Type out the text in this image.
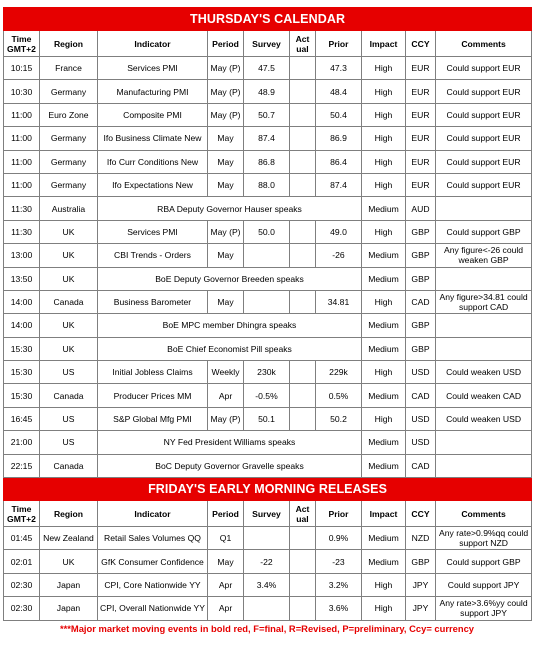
THURSDAY'S CALENDAR									
Time GMT+2	Region	Indicator	Period	Survey	Act ual	Prior	Impact	CCY	Comments
10:15	France	Services PMI	May (P)	47.5		47.3	High	EUR	Could support EUR
10:30	Germany	Manufacturing PMI	May (P)	48.9		48.4	High	EUR	Could support EUR
11:00	Euro Zone	Composite PMI	May (P)	50.7		50.4	High	EUR	Could support EUR
11:00	Germany	Ifo Business Climate New	May	87.4		86.9	High	EUR	Could support EUR
11:00	Germany	Ifo Curr Conditions New	May	86.8		86.4	High	EUR	Could support EUR
11:00	Germany	Ifo Expectations New	May	88.0		87.4	High	EUR	Could support EUR
11:30	Australia	RBA Deputy Governor Hauser speaks					Medium	AUD	
11:30	UK	Services PMI	May (P)	50.0		49.0	High	GBP	Could support GBP
13:00	UK	CBI Trends - Orders	May			-26	Medium	GBP	Any figure<-26 could weaken GBP
13:50	UK	BoE Deputy Governor Breeden speaks					Medium	GBP	
14:00	Canada	Business Barometer	May			34.81	High	CAD	Any figure>34.81 could support CAD
14:00	UK	BoE MPC member Dhingra speaks					Medium	GBP	
15:30	UK	BoE Chief Economist Pill speaks					Medium	GBP	
15:30	US	Initial Jobless Claims	Weekly	230k		229k	High	USD	Could weaken USD
15:30	Canada	Producer Prices MM	Apr	-0.5%		0.5%	Medium	CAD	Could weaken CAD
16:45	US	S&P Global Mfg PMI	May (P)	50.1		50.2	High	USD	Could weaken USD
21:00	US	NY Fed President Williams speaks					Medium	USD	
22:15	Canada	BoC Deputy Governor Gravelle speaks					Medium	CAD	
FRIDAY'S EARLY MORNING RELEASES									
Time GMT+2	Region	Indicator	Period	Survey	Act ual	Prior	Impact	CCY	Comments
01:45	New Zealand	Retail Sales Volumes QQ	Q1			0.9%	Medium	NZD	Any rate>0.9%qq could support NZD
02:01	UK	GfK Consumer Confidence	May	-22		-23	Medium	GBP	Could support GBP
02:30	Japan	CPI, Core Nationwide YY	Apr	3.4%		3.2%	High	JPY	Could support JPY
02:30	Japan	CPI, Overall Nationwide YY	Apr			3.6%	High	JPY	Any rate>3.6%yy could support JPY
***Major market moving events in bold red, F=final, R=Revised, P=preliminary, Ccy= currency
